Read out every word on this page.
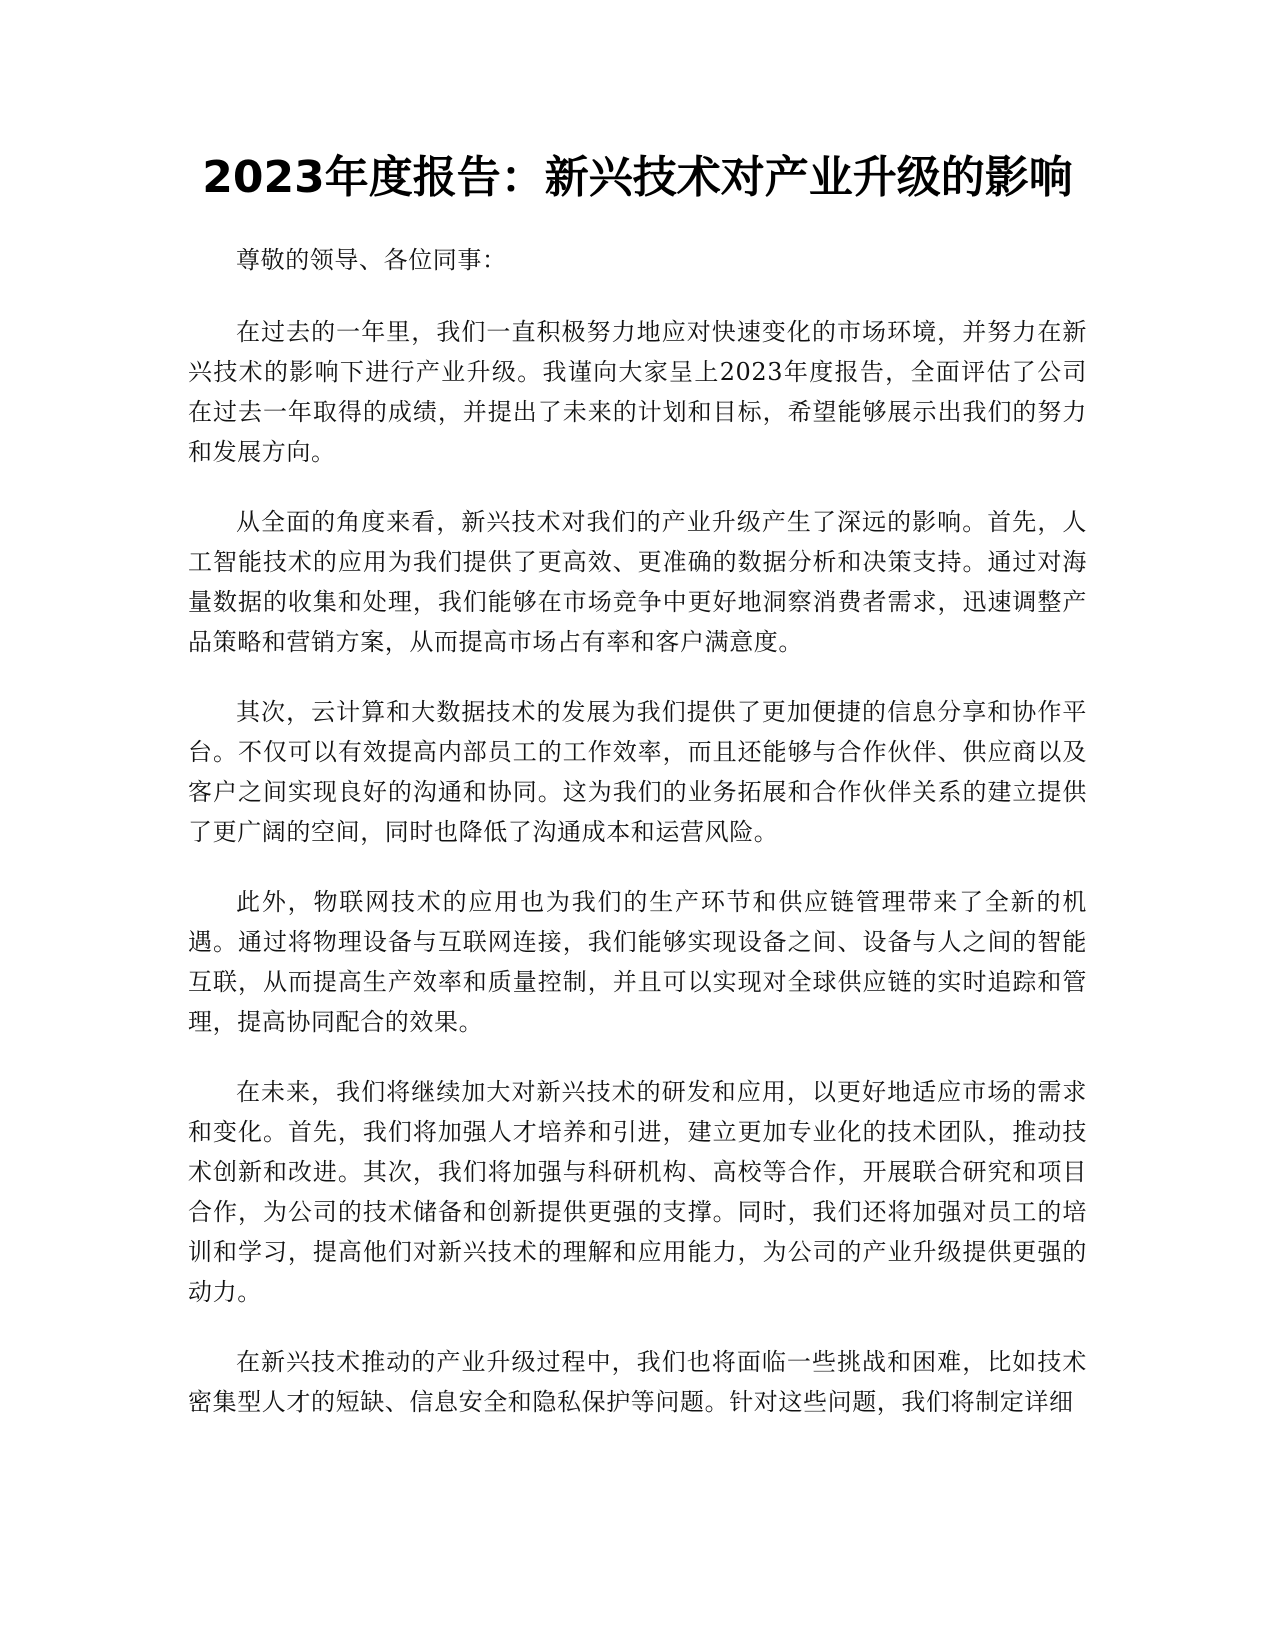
2023年度报告：新兴技术对产业升级的影响

尊敬的领导、各位同事：

在过去的一年里，我们一直积极努力地应对快速变化的市场环境，并努力在新兴技术的影响下进行产业升级。我谨向大家呈上2023年度报告，全面评估了公司在过去一年取得的成绩，并提出了未来的计划和目标，希望能够展示出我们的努力和发展方向。

从全面的角度来看，新兴技术对我们的产业升级产生了深远的影响。首先，人工智能技术的应用为我们提供了更高效、更准确的数据分析和决策支持。通过对海量数据的收集和处理，我们能够在市场竞争中更好地洞察消费者需求，迅速调整产品策略和营销方案，从而提高市场占有率和客户满意度。

其次，云计算和大数据技术的发展为我们提供了更加便捷的信息分享和协作平台。不仅可以有效提高内部员工的工作效率，而且还能够与合作伙伴、供应商以及客户之间实现良好的沟通和协同。这为我们的业务拓展和合作伙伴关系的建立提供了更广阔的空间，同时也降低了沟通成本和运营风险。

此外，物联网技术的应用也为我们的生产环节和供应链管理带来了全新的机遇。通过将物理设备与互联网连接，我们能够实现设备之间、设备与人之间的智能互联，从而提高生产效率和质量控制，并且可以实现对全球供应链的实时追踪和管理，提高协同配合的效果。

在未来，我们将继续加大对新兴技术的研发和应用，以更好地适应市场的需求和变化。首先，我们将加强人才培养和引进，建立更加专业化的技术团队，推动技术创新和改进。其次，我们将加强与科研机构、高校等合作，开展联合研究和项目合作，为公司的技术储备和创新提供更强的支撑。同时，我们还将加强对员工的培训和学习，提高他们对新兴技术的理解和应用能力，为公司的产业升级提供更强的动力。

在新兴技术推动的产业升级过程中，我们也将面临一些挑战和困难，比如技术密集型人才的短缺、信息安全和隐私保护等问题。针对这些问题，我们将制定详细
